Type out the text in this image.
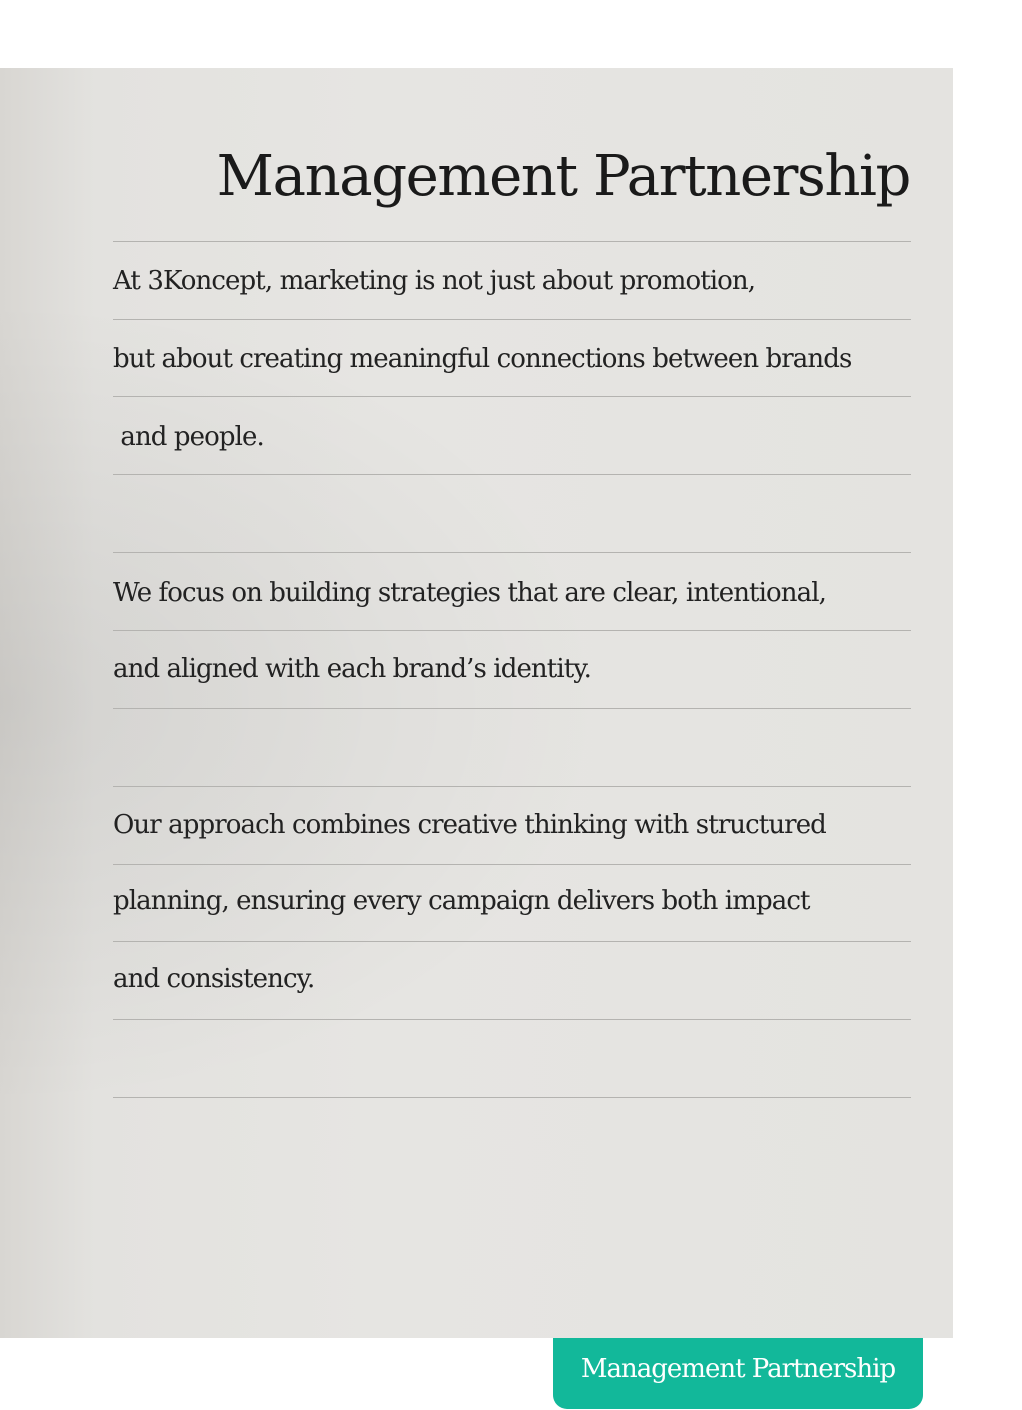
Management Partnership
At 3Koncept, marketing is not just about promotion,
but about creating meaningful connections between brands
and people.
We focus on building strategies that are clear, intentional,
and aligned with each brand’s identity.
Our approach combines creative thinking with structured
planning, ensuring every campaign delivers both impact
and consistency.
Management Partnership
